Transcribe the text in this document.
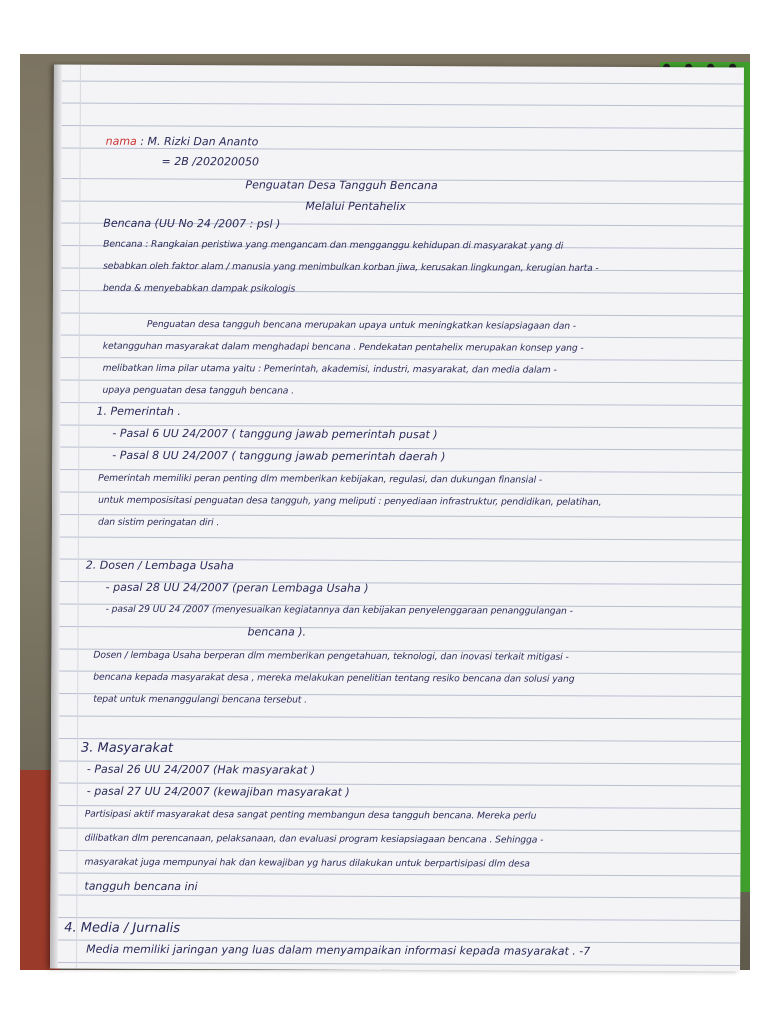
nama : M. Rizki Dan Ananto
= 2B /202020050
Penguatan Desa Tangguh Bencana
Melalui Pentahelix
Bencana (UU No 24 /2007 : psl )
Bencana : Rangkaian peristiwa yang mengancam dan mengganggu kehidupan di masyarakat yang di
sebabkan oleh faktor alam / manusia yang menimbulkan korban jiwa, kerusakan lingkungan, kerugian harta -
benda & menyebabkan dampak psikologis
Penguatan desa tangguh bencana merupakan upaya untuk meningkatkan kesiapsiagaan dan -
ketangguhan masyarakat dalam menghadapi bencana . Pendekatan pentahelix merupakan konsep yang -
melibatkan lima pilar utama yaitu : Pemerintah, akademisi, industri, masyarakat, dan media dalam -
upaya penguatan desa tangguh bencana .
1. Pemerintah .
- Pasal 6 UU 24/2007 ( tanggung jawab pemerintah pusat )
- Pasal 8 UU 24/2007 ( tanggung jawab pemerintah daerah )
Pemerintah memiliki peran penting dlm memberikan kebijakan, regulasi, dan dukungan finansial -
untuk memposisitasi penguatan desa tangguh, yang meliputi : penyediaan infrastruktur, pendidikan, pelatihan,
dan sistim peringatan diri .
2. Dosen / Lembaga Usaha
- pasal 28 UU 24/2007 (peran Lembaga Usaha )
- pasal 29 UU 24 /2007 (menyesuaikan kegiatannya dan kebijakan penyelenggaraan penanggulangan -
bencana ).
Dosen / lembaga Usaha berperan dlm memberikan pengetahuan, teknologi, dan inovasi terkait mitigasi -
bencana kepada masyarakat desa , mereka melakukan penelitian tentang resiko bencana dan solusi yang
tepat untuk menanggulangi bencana tersebut .
3. Masyarakat
- Pasal 26 UU 24/2007 (Hak masyarakat )
- pasal 27 UU 24/2007 (kewajiban masyarakat )
Partisipasi aktif masyarakat desa sangat penting membangun desa tangguh bencana. Mereka perlu
dilibatkan dlm perencanaan, pelaksanaan, dan evaluasi program kesiapsiagaan bencana . Sehingga -
masyarakat juga mempunyai hak dan kewajiban yg harus dilakukan untuk berpartisipasi dlm desa
tangguh bencana ini
4. Media / Jurnalis
Media memiliki jaringan yang luas dalam menyampaikan informasi kepada masyarakat . -7
